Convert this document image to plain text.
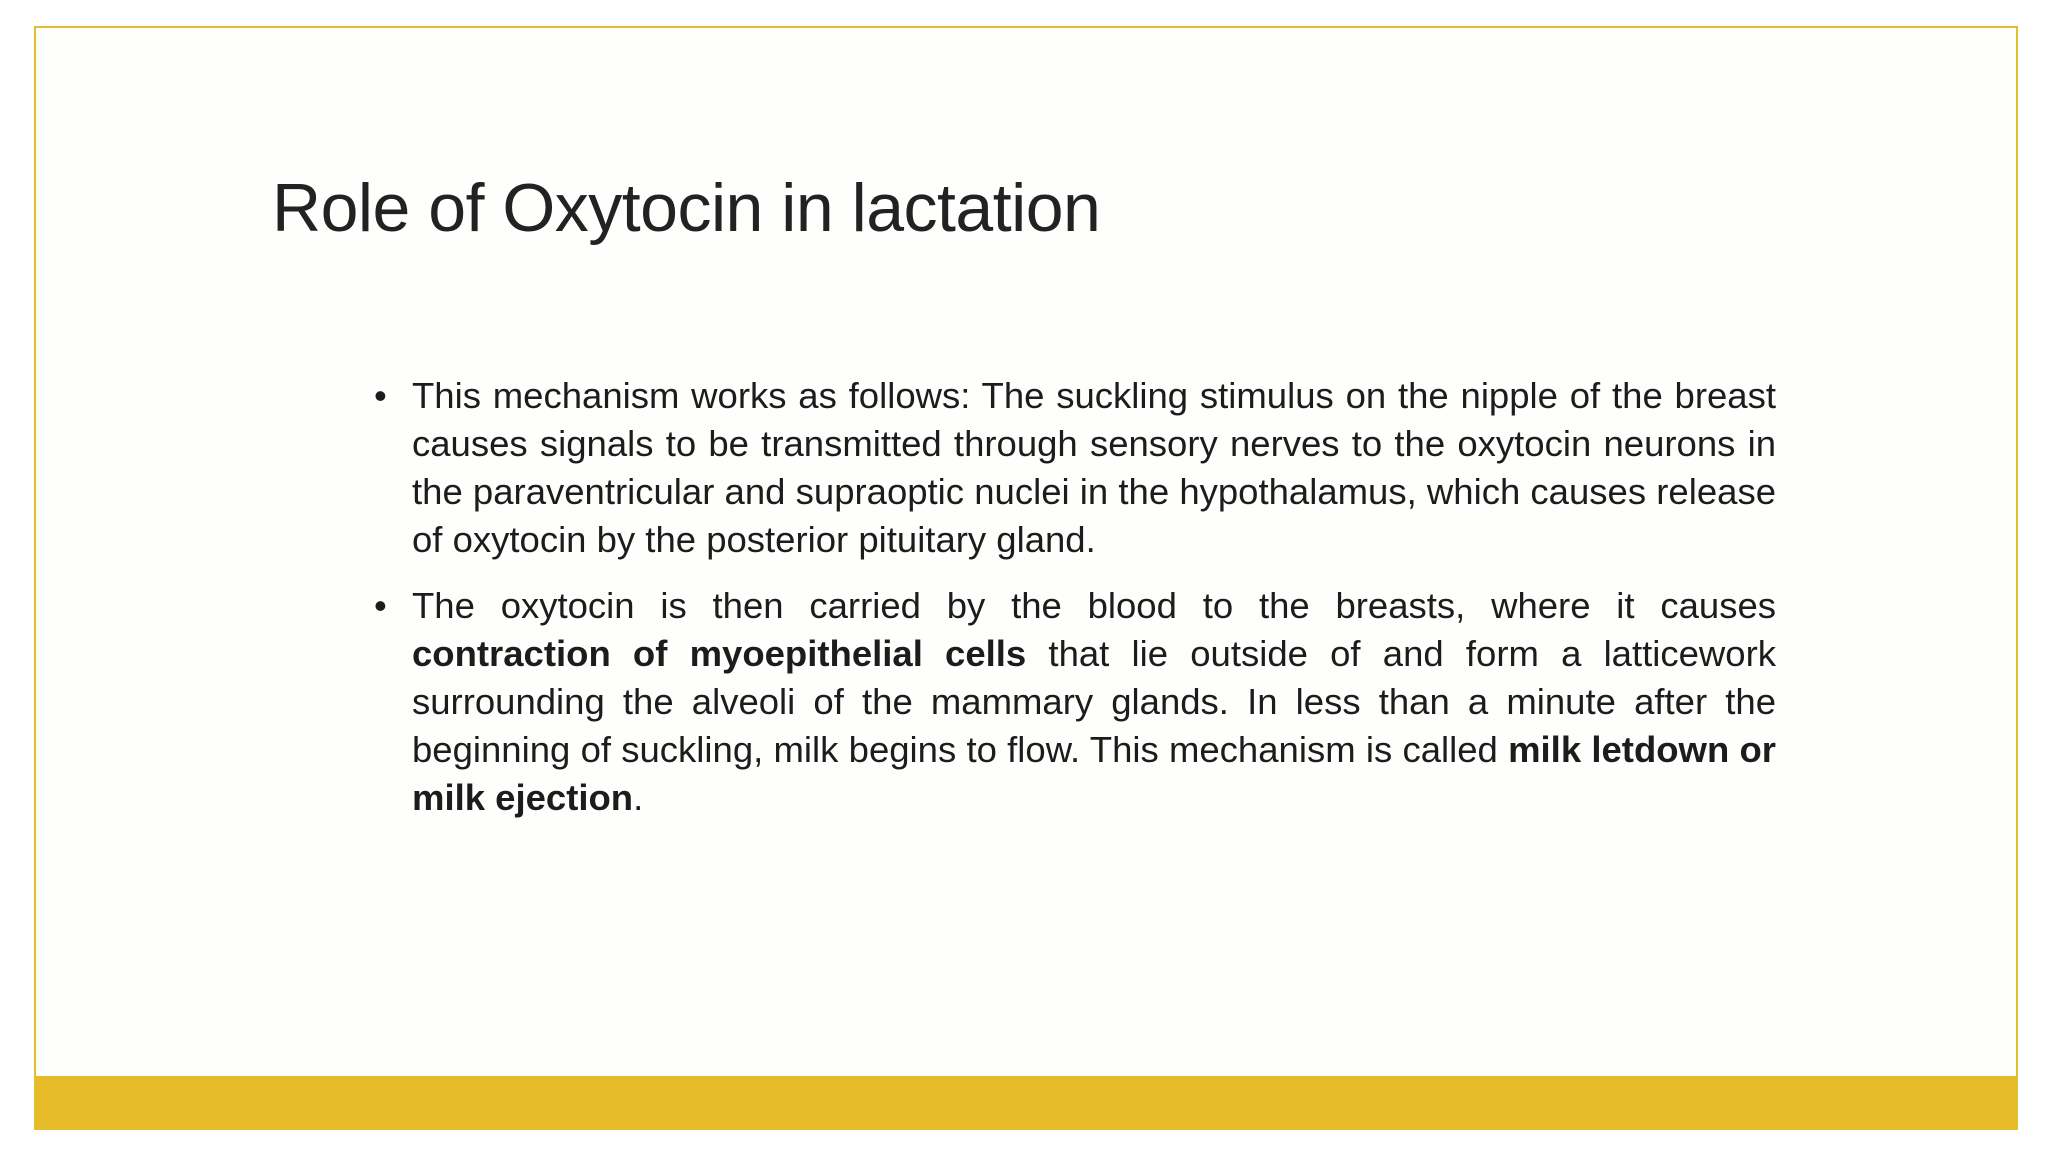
Role of Oxytocin in lactation
• This mechanism works as follows: The suckling stimulus on the nipple of the breast causes signals to be transmitted through sensory nerves to the oxytocin neurons in the paraventricular and supraoptic nuclei in the hypothalamus, which causes release of oxytocin by the posterior pituitary gland.
• The oxytocin is then carried by the blood to the breasts, where it causes contraction of myoepithelial cells that lie outside of and form a latticework surrounding the alveoli of the mammary glands. In less than a minute after the beginning of suckling, milk begins to flow. This mechanism is called milk letdown or milk ejection.
